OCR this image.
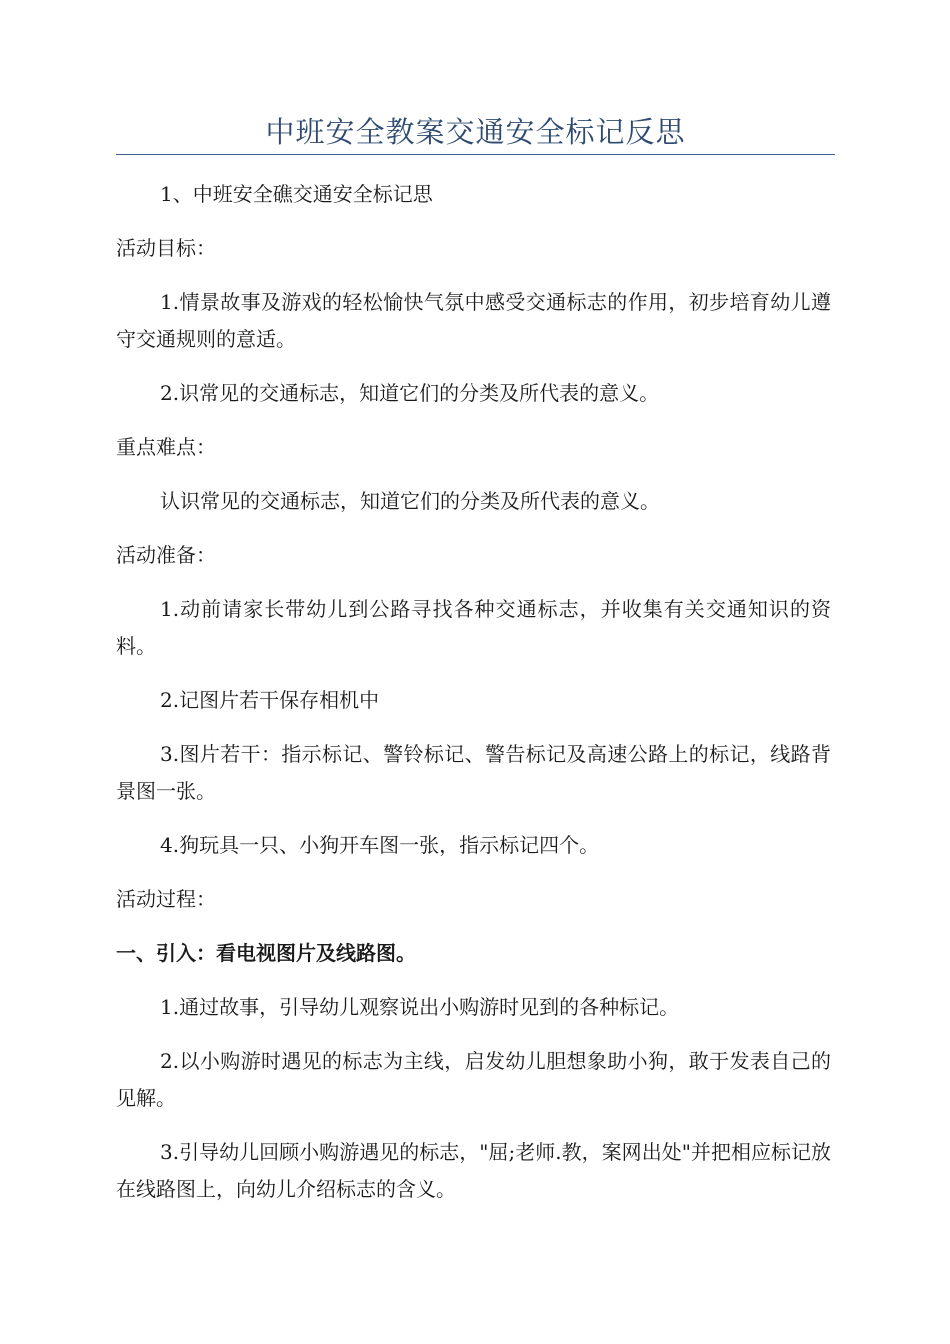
中班安全教案交通安全标记反思

1、中班安全礁交通安全标记思

活动目标：

1.情景故事及游戏的轻松愉快气氛中感受交通标志的作用，初步培育幼儿遵守交通规则的意适。

2.识常见的交通标志，知道它们的分类及所代表的意义。

重点难点：

认识常见的交通标志，知道它们的分类及所代表的意义。

活动准备：

1.动前请家长带幼儿到公路寻找各种交通标志，并收集有关交通知识的资料。

2.记图片若干保存相机中

3.图片若干：指示标记、警铃标记、警告标记及高速公路上的标记，线路背景图一张。

4.狗玩具一只、小狗开车图一张，指示标记四个。

活动过程：

一、引入：看电视图片及线路图。

1.通过故事，引导幼儿观察说出小购游时见到的各种标记。

2.以小购游时遇见的标志为主线，启发幼儿胆想象助小狗，敢于发表自己的见解。

3.引导幼儿回顾小购游遇见的标志，"屈;老师.教，案网出处"并把相应标记放在线路图上，向幼儿介绍标志的含义。
